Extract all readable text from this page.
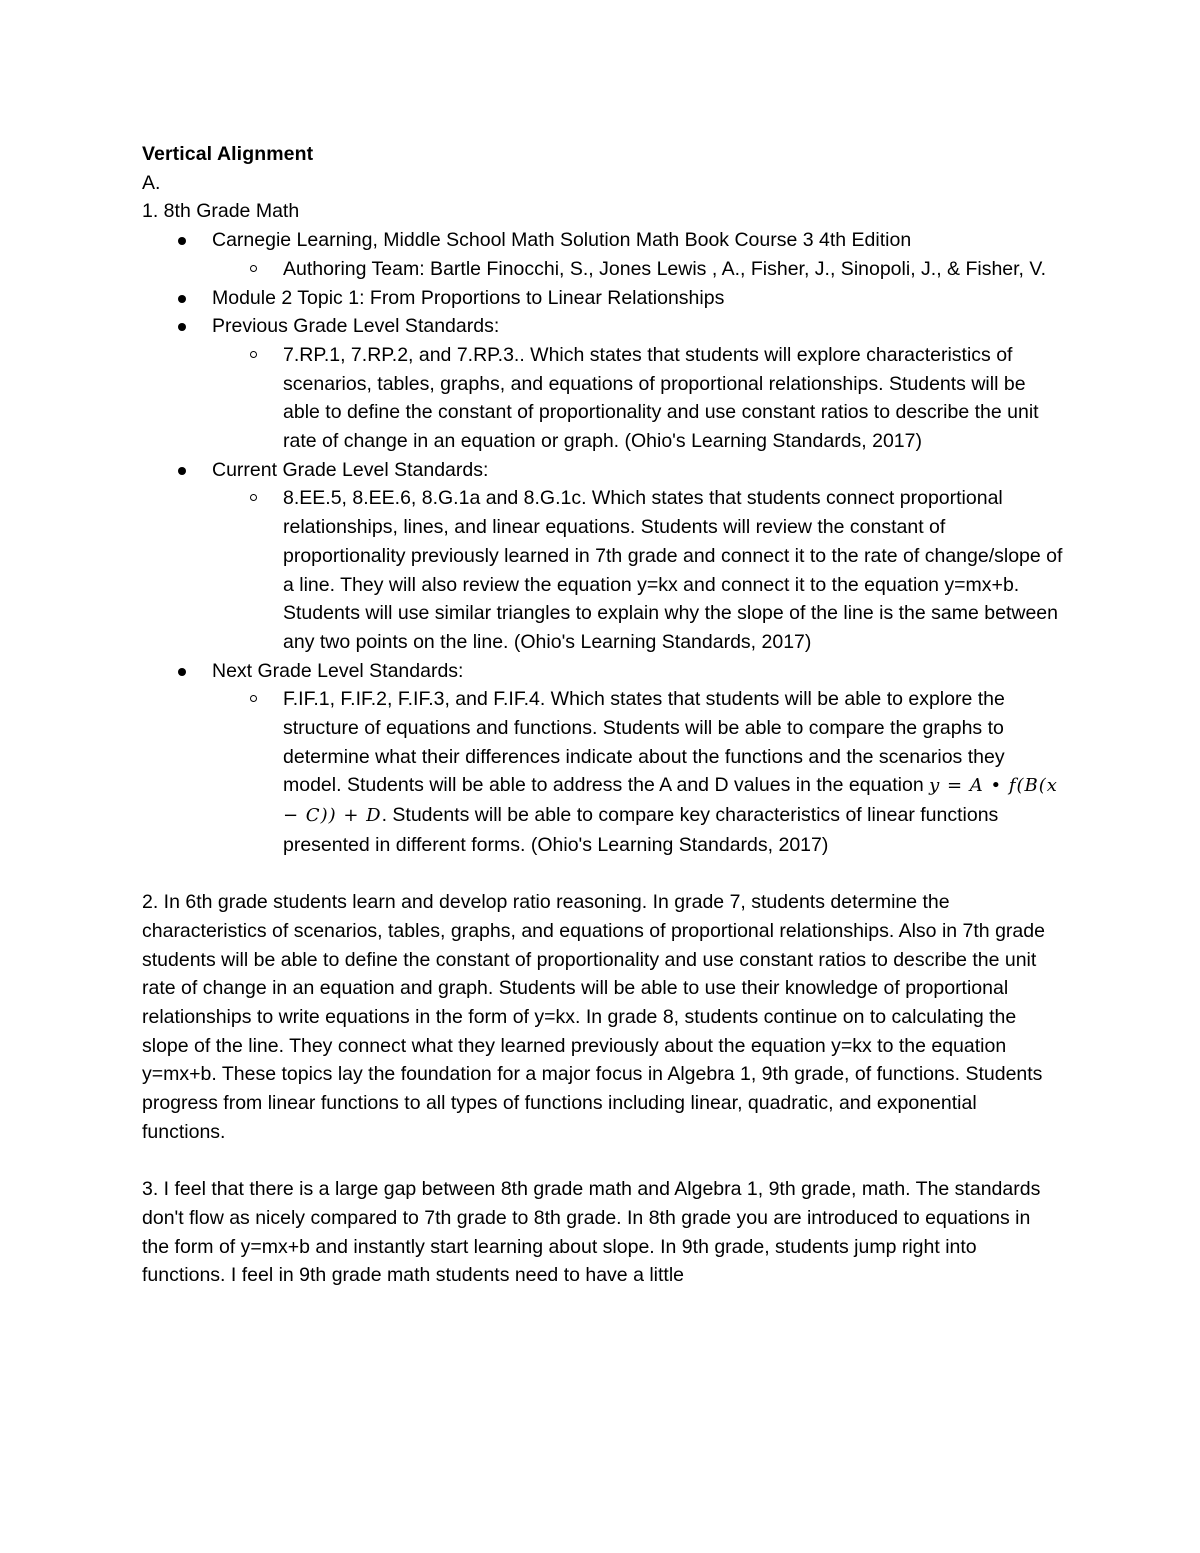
Vertical Alignment
A.
1. 8th Grade Math
Carnegie Learning, Middle School Math Solution Math Book Course 3 4th Edition
Authoring Team: Bartle Finocchi, S., Jones Lewis , A., Fisher, J., Sinopoli, J., & Fisher, V.
Module 2 Topic 1: From Proportions to Linear Relationships
Previous Grade Level Standards:
7.RP.1, 7.RP.2, and 7.RP.3.. Which states that students will explore characteristics of scenarios, tables, graphs, and equations of proportional relationships. Students will be able to define the constant of proportionality and use constant ratios to describe the unit rate of change in an equation or graph. (Ohio's Learning Standards, 2017)
Current Grade Level Standards:
8.EE.5, 8.EE.6, 8.G.1a and 8.G.1c. Which states that students connect proportional relationships, lines, and linear equations. Students will review the constant of proportionality previously learned in 7th grade and connect it to the rate of change/slope of a line. They will also review the equation y=kx and connect it to the equation y=mx+b. Students will use similar triangles to explain why the slope of the line is the same between any two points on the line. (Ohio's Learning Standards, 2017)
Next Grade Level Standards:
F.IF.1, F.IF.2, F.IF.3, and F.IF.4. Which states that students will be able to explore the structure of equations and functions. Students will be able to compare the graphs to determine what their differences indicate about the functions and the scenarios they model. Students will be able to address the A and D values in the equation y = A • f(B(x − C)) + D. Students will be able to compare key characteristics of linear functions presented in different forms. (Ohio's Learning Standards, 2017)
2. In 6th grade students learn and develop ratio reasoning. In grade 7, students determine the characteristics of scenarios, tables, graphs, and equations of proportional relationships. Also in 7th grade students will be able to define the constant of proportionality and use constant ratios to describe the unit rate of change in an equation and graph. Students will be able to use their knowledge of proportional relationships to write equations in the form of y=kx. In grade 8, students continue on to calculating the slope of the line. They connect what they learned previously about the equation y=kx to the equation y=mx+b. These topics lay the foundation for a major focus in Algebra 1, 9th grade, of functions. Students progress from linear functions to all types of functions including linear, quadratic, and exponential functions.
3. I feel that there is a large gap between 8th grade math and Algebra 1, 9th grade, math. The standards don't flow as nicely compared to 7th grade to 8th grade. In 8th grade you are introduced to equations in the form of y=mx+b and instantly start learning about slope. In 9th grade, students jump right into functions. I feel in 9th grade math students need to have a little
